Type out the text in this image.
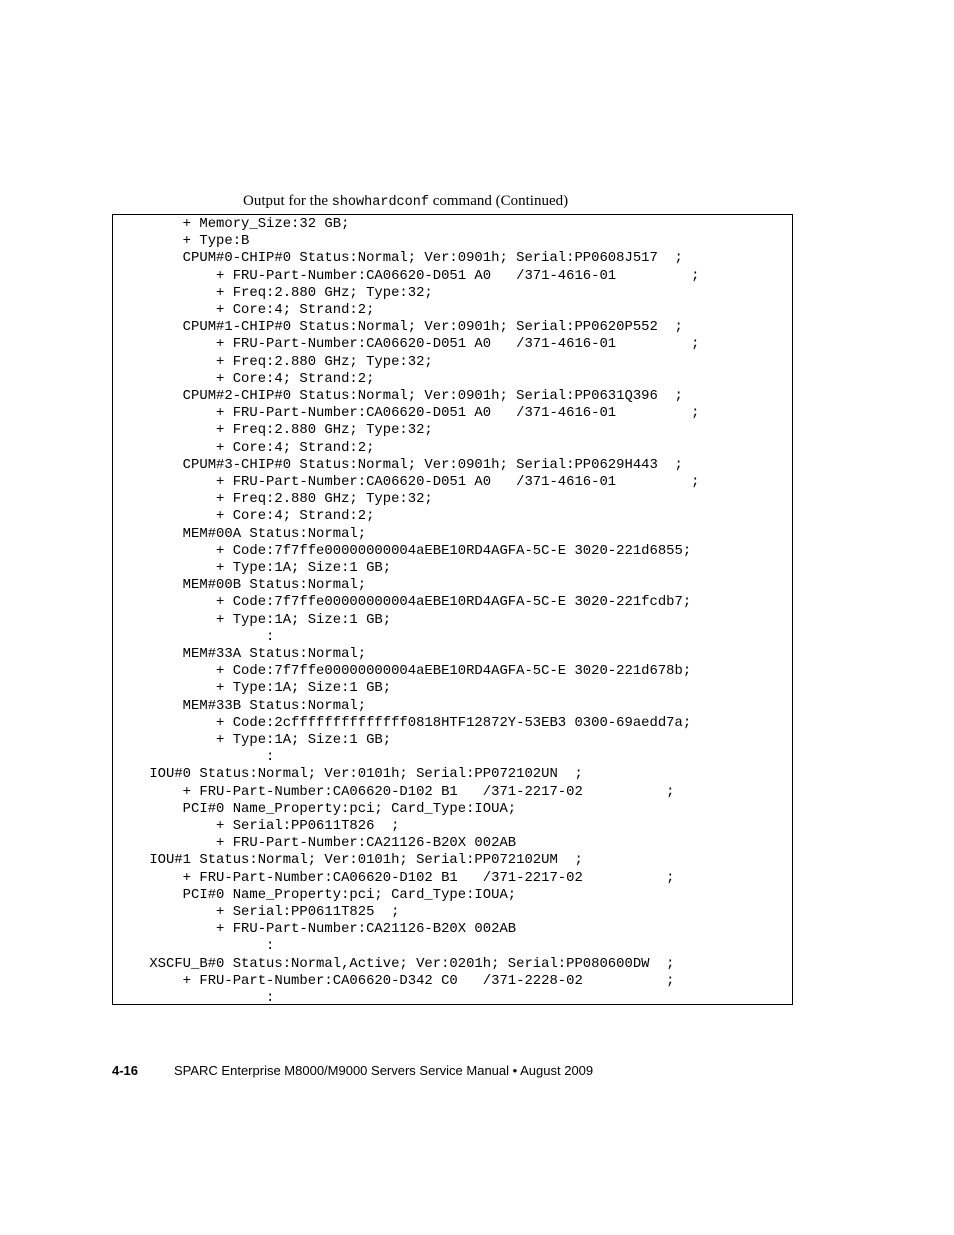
Output for the showhardconf command (Continued)
+ Memory_Size:32 GB;
+ Type:B
CPUM#0-CHIP#0 Status:Normal; Ver:0901h; Serial:PP0608J517  ;
+ FRU-Part-Number:CA06620-D051 A0   /371-4616-01         ;
+ Freq:2.880 GHz; Type:32;
+ Core:4; Strand:2;
CPUM#1-CHIP#0 Status:Normal; Ver:0901h; Serial:PP0620P552  ;
+ FRU-Part-Number:CA06620-D051 A0   /371-4616-01         ;
+ Freq:2.880 GHz; Type:32;
+ Core:4; Strand:2;
CPUM#2-CHIP#0 Status:Normal; Ver:0901h; Serial:PP0631Q396  ;
+ FRU-Part-Number:CA06620-D051 A0   /371-4616-01         ;
+ Freq:2.880 GHz; Type:32;
+ Core:4; Strand:2;
CPUM#3-CHIP#0 Status:Normal; Ver:0901h; Serial:PP0629H443  ;
+ FRU-Part-Number:CA06620-D051 A0   /371-4616-01         ;
+ Freq:2.880 GHz; Type:32;
+ Core:4; Strand:2;
MEM#00A Status:Normal;
+ Code:7f7ffe00000000004aEBE10RD4AGFA-5C-E 3020-221d6855;
+ Type:1A; Size:1 GB;
MEM#00B Status:Normal;
+ Code:7f7ffe00000000004aEBE10RD4AGFA-5C-E 3020-221fcdb7;
+ Type:1A; Size:1 GB;
:
MEM#33A Status:Normal;
+ Code:7f7ffe00000000004aEBE10RD4AGFA-5C-E 3020-221d678b;
+ Type:1A; Size:1 GB;
MEM#33B Status:Normal;
+ Code:2cffffffffffffff0818HTF12872Y-53EB3 0300-69aedd7a;
+ Type:1A; Size:1 GB;
:
IOU#0 Status:Normal; Ver:0101h; Serial:PP072102UN  ;
+ FRU-Part-Number:CA06620-D102 B1   /371-2217-02          ;
PCI#0 Name_Property:pci; Card_Type:IOUA;
+ Serial:PP0611T826  ;
+ FRU-Part-Number:CA21126-B20X 002AB
IOU#1 Status:Normal; Ver:0101h; Serial:PP072102UM  ;
+ FRU-Part-Number:CA06620-D102 B1   /371-2217-02          ;
PCI#0 Name_Property:pci; Card_Type:IOUA;
+ Serial:PP0611T825  ;
+ FRU-Part-Number:CA21126-B20X 002AB
:
XSCFU_B#0 Status:Normal,Active; Ver:0201h; Serial:PP080600DW  ;
+ FRU-Part-Number:CA06620-D342 C0   /371-2228-02          ;
:
4-16	SPARC Enterprise M8000/M9000 Servers Service Manual • August 2009
